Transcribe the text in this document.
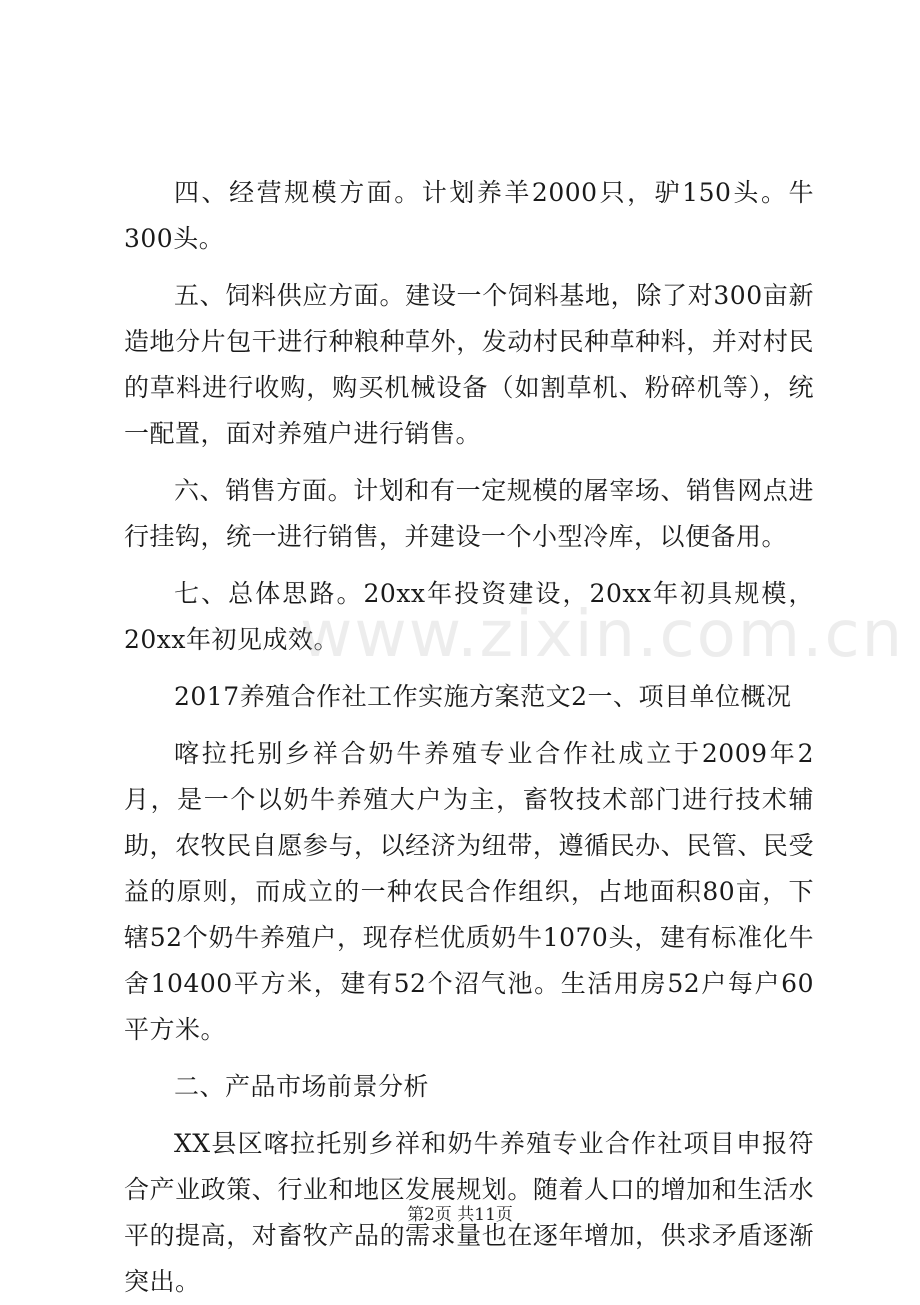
四、经营规模方面。计划养羊2000只，驴150头。牛300头。

五、饲料供应方面。建设一个饲料基地，除了对300亩新造地分片包干进行种粮种草外，发动村民种草种料，并对村民的草料进行收购，购买机械设备（如割草机、粉碎机等），统一配置，面对养殖户进行销售。

六、销售方面。计划和有一定规模的屠宰场、销售网点进行挂钩，统一进行销售，并建设一个小型冷库，以便备用。

七、总体思路。20xx年投资建设，20xx年初具规模，20xx年初见成效。

2017养殖合作社工作实施方案范文2一、项目单位概况

喀拉托别乡祥合奶牛养殖专业合作社成立于2009年2月，是一个以奶牛养殖大户为主，畜牧技术部门进行技术辅助，农牧民自愿参与，以经济为纽带，遵循民办、民管、民受益的原则，而成立的一种农民合作组织，占地面积80亩，下辖52个奶牛养殖户，现存栏优质奶牛1070头，建有标准化牛舍10400平方米，建有52个沼气池。生活用房52户每户60平方米。

二、产品市场前景分析

XX县区喀拉托别乡祥和奶牛养殖专业合作社项目申报符合产业政策、行业和地区发展规划。随着人口的增加和生活水平的提高，对畜牧产品的需求量也在逐年增加，供求矛盾逐渐突出。

www.zixin.com.cn
第2页 共11页
